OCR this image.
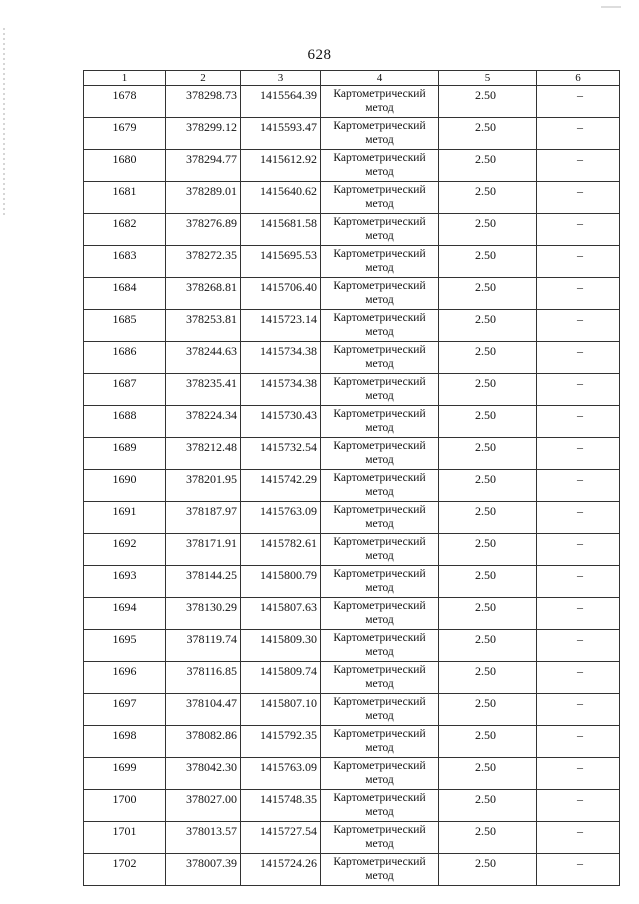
628
1	2	3	4	5	6
1678	378298.73	1415564.39	Картометрический
метод	2.50	–
1679	378299.12	1415593.47	Картометрический
метод	2.50	–
1680	378294.77	1415612.92	Картометрический
метод	2.50	–
1681	378289.01	1415640.62	Картометрический
метод	2.50	–
1682	378276.89	1415681.58	Картометрический
метод	2.50	–
1683	378272.35	1415695.53	Картометрический
метод	2.50	–
1684	378268.81	1415706.40	Картометрический
метод	2.50	–
1685	378253.81	1415723.14	Картометрический
метод	2.50	–
1686	378244.63	1415734.38	Картометрический
метод	2.50	–
1687	378235.41	1415734.38	Картометрический
метод	2.50	–
1688	378224.34	1415730.43	Картометрический
метод	2.50	–
1689	378212.48	1415732.54	Картометрический
метод	2.50	–
1690	378201.95	1415742.29	Картометрический
метод	2.50	–
1691	378187.97	1415763.09	Картометрический
метод	2.50	–
1692	378171.91	1415782.61	Картометрический
метод	2.50	–
1693	378144.25	1415800.79	Картометрический
метод	2.50	–
1694	378130.29	1415807.63	Картометрический
метод	2.50	–
1695	378119.74	1415809.30	Картометрический
метод	2.50	–
1696	378116.85	1415809.74	Картометрический
метод	2.50	–
1697	378104.47	1415807.10	Картометрический
метод	2.50	–
1698	378082.86	1415792.35	Картометрический
метод	2.50	–
1699	378042.30	1415763.09	Картометрический
метод	2.50	–
1700	378027.00	1415748.35	Картометрический
метод	2.50	–
1701	378013.57	1415727.54	Картометрический
метод	2.50	–
1702	378007.39	1415724.26	Картометрический
метод	2.50	–
